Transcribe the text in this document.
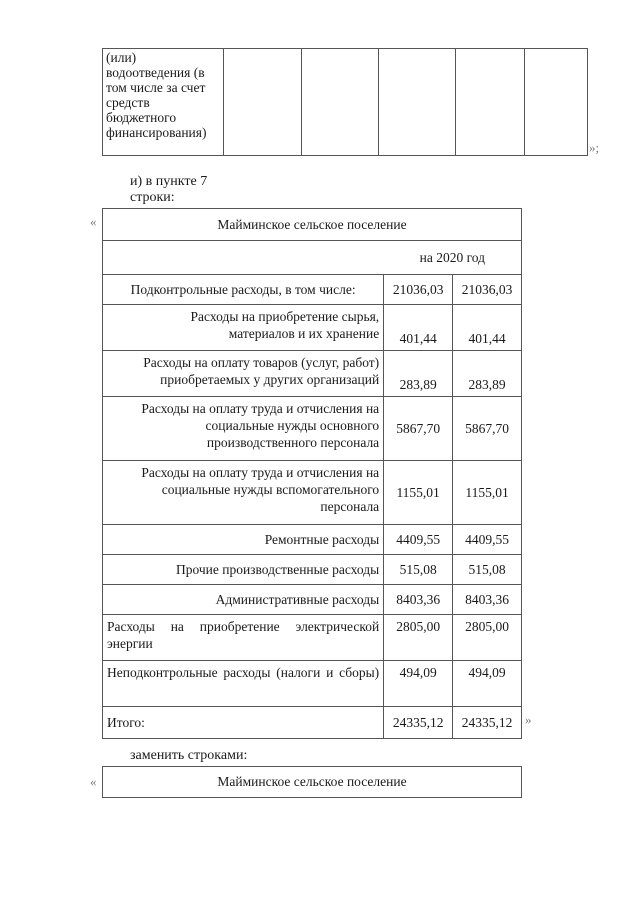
(или)
водоотведения (в
том числе за счет
средств
бюджетного
финансирования)

»;
и) в пункте 7
строки:
«	Майминское сельское поселение		
	на 2020 год	
Подконтрольные расходы, в том числе:	21036,03	21036,03
Расходы на приобретение сырья, материалов и их хранение	401,44	401,44
Расходы на оплату товаров (услуг, работ) приобретаемых у других организаций	283,89	283,89
Расходы на оплату труда и отчисления на социальные нужды основного производственного персонала	5867,70	5867,70
Расходы на оплату труда и отчисления на социальные нужды вспомогательного персонала	1155,01	1155,01
Ремонтные расходы	4409,55	4409,55
Прочие производственные расходы	515,08	515,08
Административные расходы	8403,36	8403,36
Расходы на приобретение электрической энергии	2805,00	2805,00
Неподконтрольные расходы (налоги и сборы)	494,09	494,09
Итого:	24335,12	24335,12 »
заменить строками:
«	Майминское сельское поселение
